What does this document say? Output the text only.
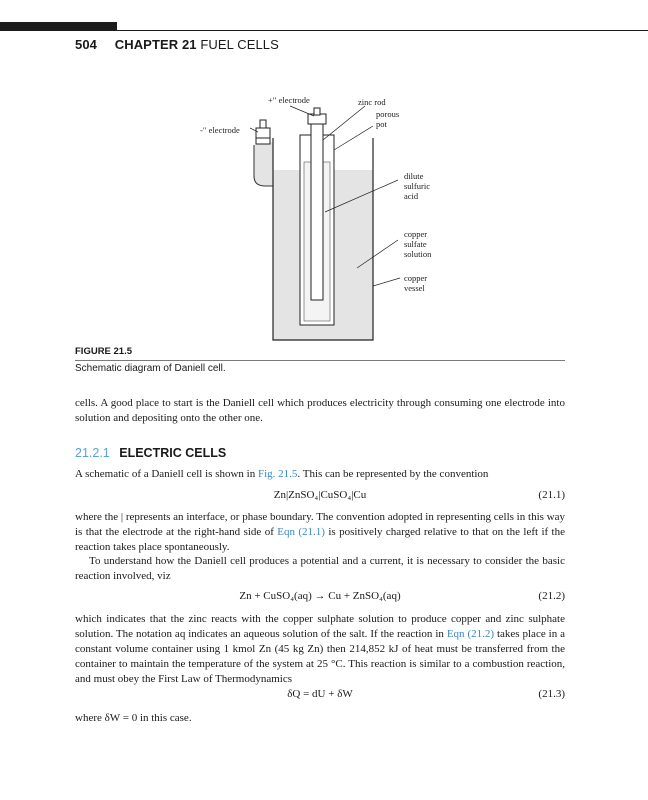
504 CHAPTER 21 FUEL CELLS
+ʹʹ electrode	zinc rod
porous
pot
-ʹʹ electrode
dilute
sulfuric
acid
copper
sulfate
solution
copper
vessel
FIGURE 21.5
Schematic diagram of Daniell cell.

cells. A good place to start is the Daniell cell which produces electricity through consuming one electrode into solution and depositing onto the other one.

21.2.1 ELECTRIC CELLS

A schematic of a Daniell cell is shown in Fig. 21.5. This can be represented by the convention

Zn|ZnSO₄|CuSO₄|Cu	(21.1)

where the | represents an interface, or phase boundary. The convention adopted in representing cells in this way is that the electrode at the right-hand side of Eqn (21.1) is positively charged relative to that on the left if the reaction takes place spontaneously.

To understand how the Daniell cell produces a potential and a current, it is necessary to consider the basic reaction involved, viz

Zn + CuSO₄(aq) → Cu + ZnSO₄(aq)	(21.2)

which indicates that the zinc reacts with the copper sulphate solution to produce copper and zinc sulphate solution. The notation aq indicates an aqueous solution of the salt. If the reaction in Eqn (21.2) takes place in a constant volume container using 1 kmol Zn (45 kg Zn) then 214,852 kJ of heat must be transferred from the container to maintain the temperature of the system at 25 °C. This reaction is similar to a combustion reaction, and must obey the First Law of Thermodynamics

δQ = dU + δW	(21.3)

where δW = 0 in this case.
